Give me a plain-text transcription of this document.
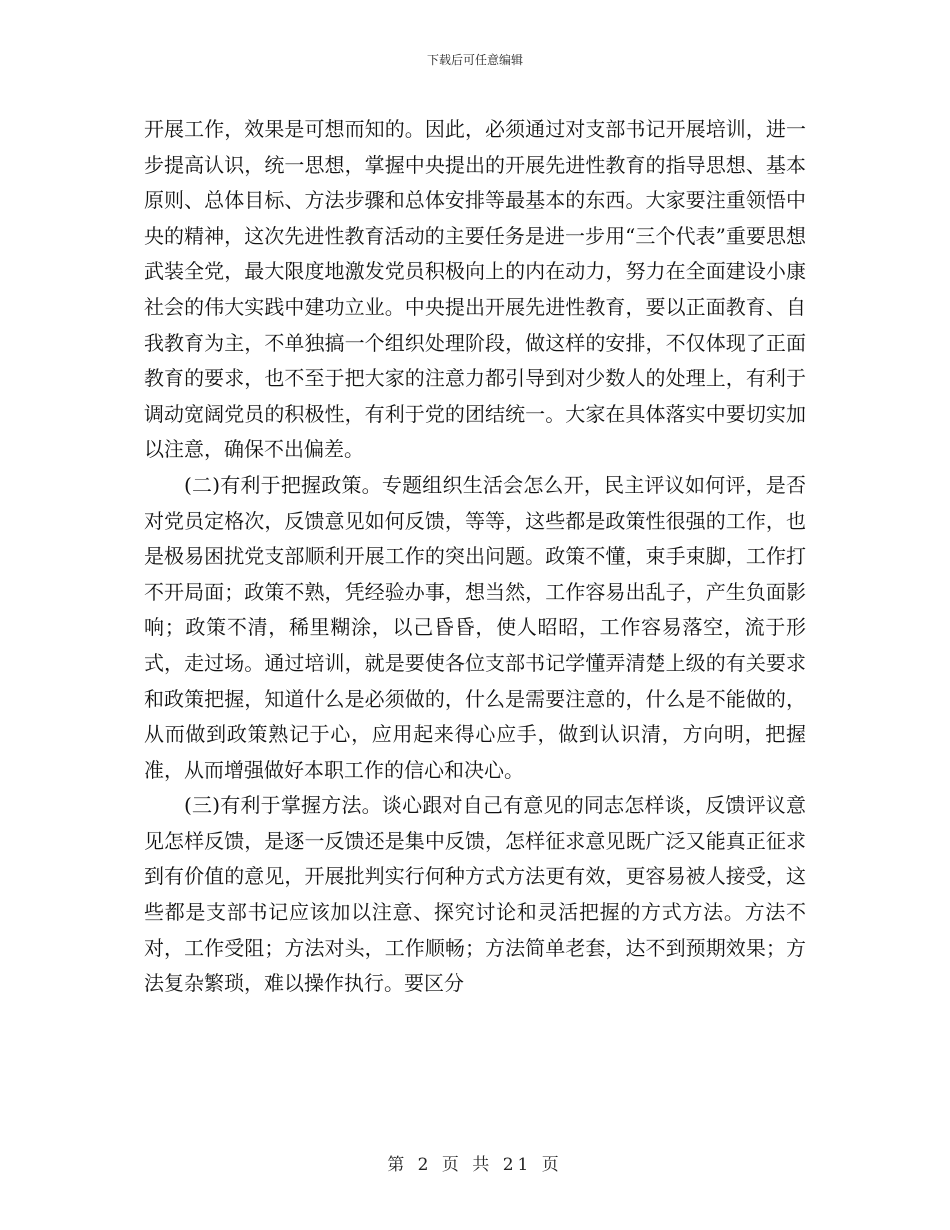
下载后可任意编辑

开展工作，效果是可想而知的。因此，必须通过对支部书记开展培训，进一步提高认识，统一思想，掌握中央提出的开展先进性教育的指导思想、基本原则、总体目标、方法步骤和总体安排等最基本的东西。大家要注重领悟中央的精神，这次先进性教育活动的主要任务是进一步用“三个代表”重要思想武装全党，最大限度地激发党员积极向上的内在动力，努力在全面建设小康社会的伟大实践中建功立业。中央提出开展先进性教育，要以正面教育、自我教育为主，不单独搞一个组织处理阶段，做这样的安排，不仅体现了正面教育的要求，也不至于把大家的注意力都引导到对少数人的处理上，有利于调动宽阔党员的积极性，有利于党的团结统一。大家在具体落实中要切实加以注意，确保不出偏差。

(二)有利于把握政策。专题组织生活会怎么开，民主评议如何评，是否对党员定格次，反馈意见如何反馈，等等，这些都是政策性很强的工作，也是极易困扰党支部顺利开展工作的突出问题。政策不懂，束手束脚，工作打不开局面；政策不熟，凭经验办事，想当然，工作容易出乱子，产生负面影响；政策不清，稀里糊涂，以己昏昏，使人昭昭，工作容易落空，流于形式，走过场。通过培训，就是要使各位支部书记学懂弄清楚上级的有关要求和政策把握，知道什么是必须做的，什么是需要注意的，什么是不能做的，从而做到政策熟记于心，应用起来得心应手，做到认识清，方向明，把握准，从而增强做好本职工作的信心和决心。

(三)有利于掌握方法。谈心跟对自己有意见的同志怎样谈，反馈评议意见怎样反馈，是逐一反馈还是集中反馈，怎样征求意见既广泛又能真正征求到有价值的意见，开展批判实行何种方式方法更有效，更容易被人接受，这些都是支部书记应该加以注意、探究讨论和灵活把握的方式方法。方法不对，工作受阻；方法对头，工作顺畅；方法简单老套，达不到预期效果；方法复杂繁琐，难以操作执行。要区分

第 2 页 共 21 页
